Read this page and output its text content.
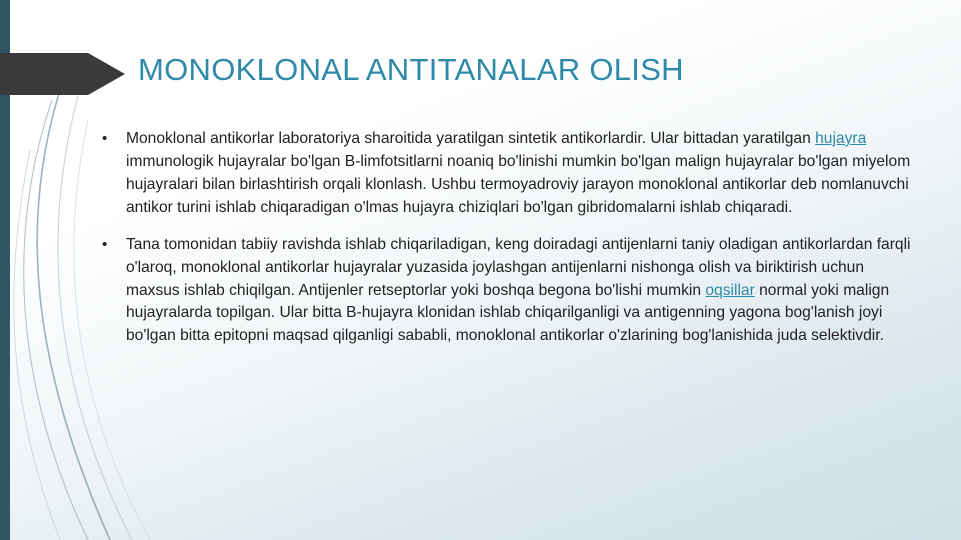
MONOKLONAL ANTITANALAR OLISH
• Monoklonal antikorlar laboratoriya sharoitida yaratilgan sintetik antikorlardir. Ular bittadan yaratilgan hujayra immunologik hujayralar bo'lgan B-limfotsitlarni noaniq bo'linishi mumkin bo'lgan malign hujayralar bo'lgan miyelom hujayralari bilan birlashtirish orqali klonlash. Ushbu termoyadroviy jarayon monoklonal antikorlar deb nomlanuvchi antikor turini ishlab chiqaradigan o'lmas hujayra chiziqlari bo'lgan gibridomalarni ishlab chiqaradi.
• Tana tomonidan tabiiy ravishda ishlab chiqariladigan, keng doiradagi antijenlarni taniy oladigan antikorlardan farqli o'laroq, monoklonal antikorlar hujayralar yuzasida joylashgan antijenlarni nishonga olish va biriktirish uchun maxsus ishlab chiqilgan. Antijenler retseptorlar yoki boshqa begona bo'lishi mumkin oqsillar normal yoki malign hujayralarda topilgan. Ular bitta B-hujayra klonidan ishlab chiqarilganligi va antigenning yagona bog'lanish joyi bo'lgan bitta epitopni maqsad qilganligi sababli, monoklonal antikorlar o'zlarining bog'lanishida juda selektivdir.
